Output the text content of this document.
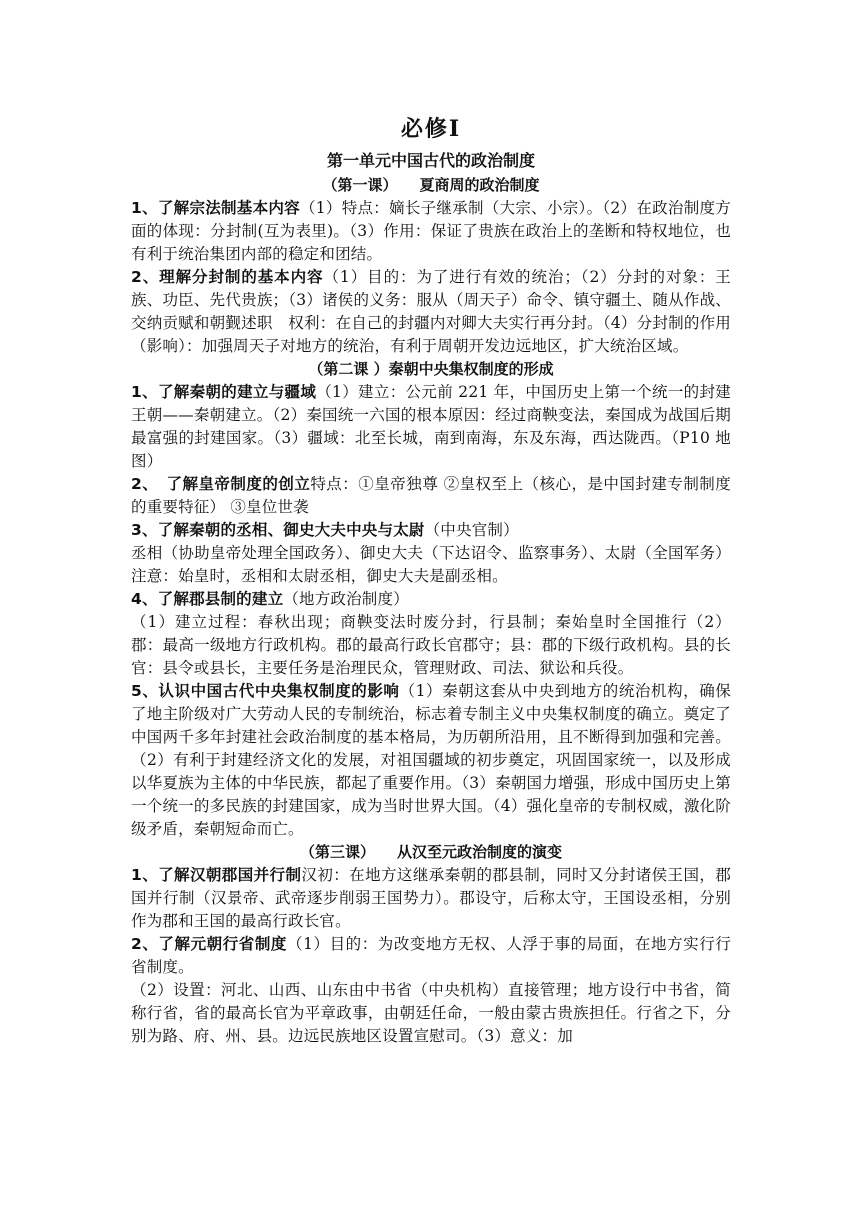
必修Ⅰ
第一单元中国古代的政治制度
（第一课） 夏商周的政治制度

1、了解宗法制基本内容（1）特点：嫡长子继承制（大宗、小宗）。（2）在政治制度方面的体现：分封制(互为表里)。（3）作用：保证了贵族在政治上的垄断和特权地位，也有利于统治集团内部的稳定和团结。

2、理解分封制的基本内容（1）目的：为了进行有效的统治；（2）分封的对象：王族、功臣、先代贵族；（3）诸侯的义务：服从（周天子）命令、镇守疆土、随从作战、交纳贡赋和朝觐述职　权利：在自己的封疆内对卿大夫实行再分封。（4）分封制的作用（影响）：加强周天子对地方的统治，有利于周朝开发边远地区，扩大统治区域。

（第二课 ）秦朝中央集权制度的形成

1、了解秦朝的建立与疆域（1）建立：公元前 221 年，中国历史上第一个统一的封建王朝——秦朝建立。（2）秦国统一六国的根本原因：经过商鞅变法，秦国成为战国后期最富强的封建国家。（3）疆域：北至长城，南到南海，东及东海，西达陇西。（P10 地图）

2、　了解皇帝制度的创立特点：①皇帝独尊 ②皇权至上（核心，是中国封建专制制度的重要特征） ③皇位世袭

3、了解秦朝的丞相、御史大夫中央与太尉（中央官制）

丞相（协助皇帝处理全国政务）、御史大夫（下达诏令、监察事务）、太尉（全国军务）注意：始皇时，丞相和太尉丞相，御史大夫是副丞相。

4、了解郡县制的建立（地方政治制度）

（1）建立过程：春秋出现；商鞅变法时废分封，行县制；秦始皇时全国推行（2）郡：最高一级地方行政机构。郡的最高行政长官郡守；县：郡的下级行政机构。县的长官：县令或县长，主要任务是治理民众，管理财政、司法、狱讼和兵役。

5、认识中国古代中央集权制度的影响（1）秦朝这套从中央到地方的统治机构，确保了地主阶级对广大劳动人民的专制统治，标志着专制主义中央集权制度的确立。奠定了中国两千多年封建社会政治制度的基本格局，为历朝所沿用，且不断得到加强和完善。（2）有利于封建经济文化的发展，对祖国疆域的初步奠定，巩固国家统一，以及形成以华夏族为主体的中华民族，都起了重要作用。（3）秦朝国力增强，形成中国历史上第一个统一的多民族的封建国家，成为当时世界大国。（4）强化皇帝的专制权威，激化阶级矛盾，秦朝短命而亡。

（第三课） 从汉至元政治制度的演变

1、了解汉朝郡国并行制汉初：在地方这继承秦朝的郡县制，同时又分封诸侯王国，郡国并行制（汉景帝、武帝逐步削弱王国势力）。郡设守，后称太守，王国设丞相，分别作为郡和王国的最高行政长官。

2、了解元朝行省制度（1）目的：为改变地方无权、人浮于事的局面，在地方实行行省制度。

（2）设置：河北、山西、山东由中书省（中央机构）直接管理；地方设行中书省，简称行省，省的最高长官为平章政事，由朝廷任命，一般由蒙古贵族担任。行省之下，分别为路、府、州、县。边远民族地区设置宣慰司。（3）意义：加
